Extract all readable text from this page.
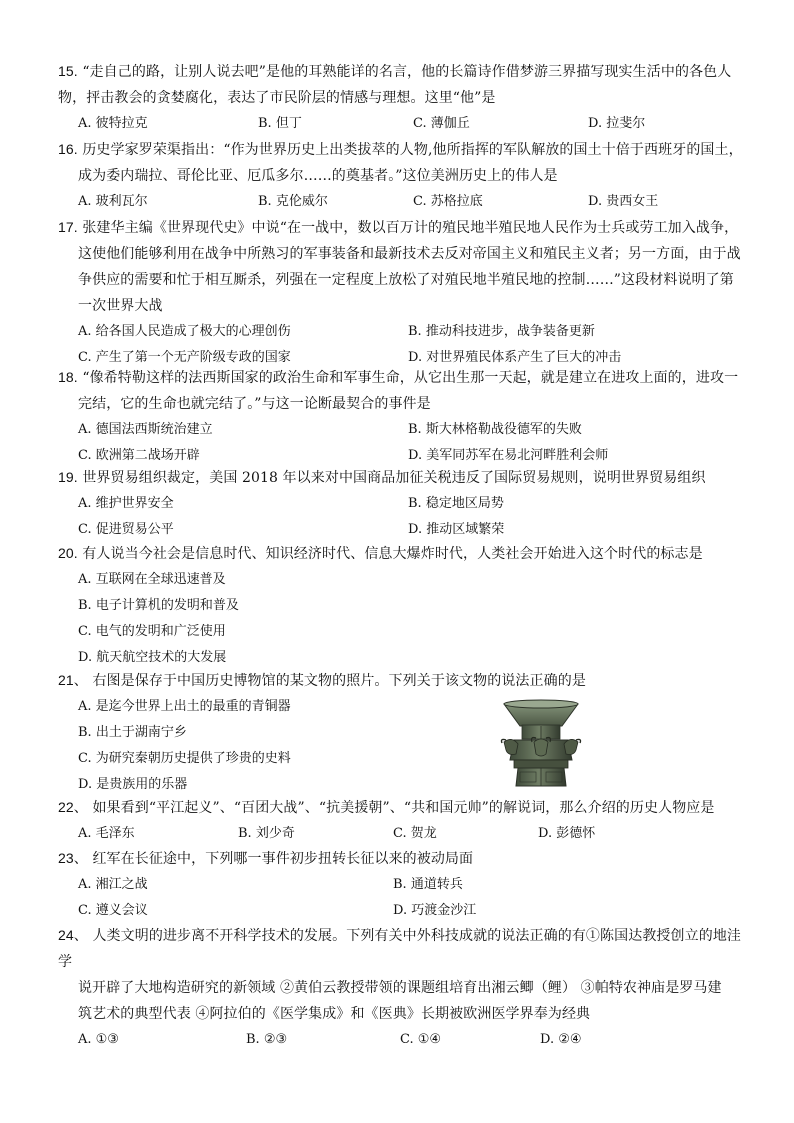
15. “走自己的路，让别人说去吧”是他的耳熟能详的名言，他的长篇诗作借梦游三界描写现实生活中的各色人
物，抨击教会的贪婪腐化，表达了市民阶层的情感与理想。这里“他”是
A. 彼特拉克	B. 但丁	C. 薄伽丘	D. 拉斐尔
16. 历史学家罗荣渠指出：“作为世界历史上出类拔萃的人物,他所指挥的军队解放的国土十倍于西班牙的国土，
成为委内瑞拉、哥伦比亚、厄瓜多尔……的奠基者。”这位美洲历史上的伟人是
A. 玻利瓦尔	B. 克伦威尔	C. 苏格拉底	D. 贵西女王
17. 张建华主编《世界现代史》中说“在一战中，数以百万计的殖民地半殖民地人民作为士兵或劳工加入战争，
这使他们能够利用在战争中所熟习的军事装备和最新技术去反对帝国主义和殖民主义者；另一方面，由于战
争供应的需要和忙于相互厮杀，列强在一定程度上放松了对殖民地半殖民地的控制……”这段材料说明了第
一次世界大战
A. 给各国人民造成了极大的心理创伤	B. 推动科技进步，战争装备更新
C. 产生了第一个无产阶级专政的国家	D. 对世界殖民体系产生了巨大的冲击
18. “像希特勒这样的法西斯国家的政治生命和军事生命，从它出生那一天起，就是建立在进攻上面的，进攻一
完结，它的生命也就完结了。”与这一论断最契合的事件是
A. 德国法西斯统治建立	B. 斯大林格勒战役德军的失败
C. 欧洲第二战场开辟	D. 美军同苏军在易北河畔胜利会师
19. 世界贸易组织裁定，美国 2018 年以来对中国商品加征关税违反了国际贸易规则，说明世界贸易组织
A. 维护世界安全	B. 稳定地区局势
C. 促进贸易公平	D. 推动区域繁荣
20. 有人说当今社会是信息时代、知识经济时代、信息大爆炸时代，人类社会开始进入这个时代的标志是
A. 互联网在全球迅速普及
B. 电子计算机的发明和普及
C. 电气的发明和广泛使用
D. 航天航空技术的大发展
21、 右图是保存于中国历史博物馆的某文物的照片。下列关于该文物的说法正确的是
A. 是迄今世界上出土的最重的青铜器
B. 出土于湖南宁乡
C. 为研究秦朝历史提供了珍贵的史料
D. 是贵族用的乐器
22、 如果看到“平江起义”、“百团大战”、“抗美援朝”、“共和国元帅”的解说词，那么介绍的历史人物应是
A. 毛泽东	B. 刘少奇	C. 贺龙	D. 彭德怀
23、 红军在长征途中，下列哪一事件初步扭转长征以来的被动局面
A. 湘江之战	B. 通道转兵
C. 遵义会议	D. 巧渡金沙江
24、 人类文明的进步离不开科学技术的发展。下列有关中外科技成就的说法正确的有①陈国达教授创立的地洼学
说开辟了大地构造研究的新领域 ②黄伯云教授带领的课题组培育出湘云鲫（鲤） ③帕特农神庙是罗马建
筑艺术的典型代表 ④阿拉伯的《医学集成》和《医典》长期被欧洲医学界奉为经典
A. ①③	B. ②③	C. ①④	D. ②④
